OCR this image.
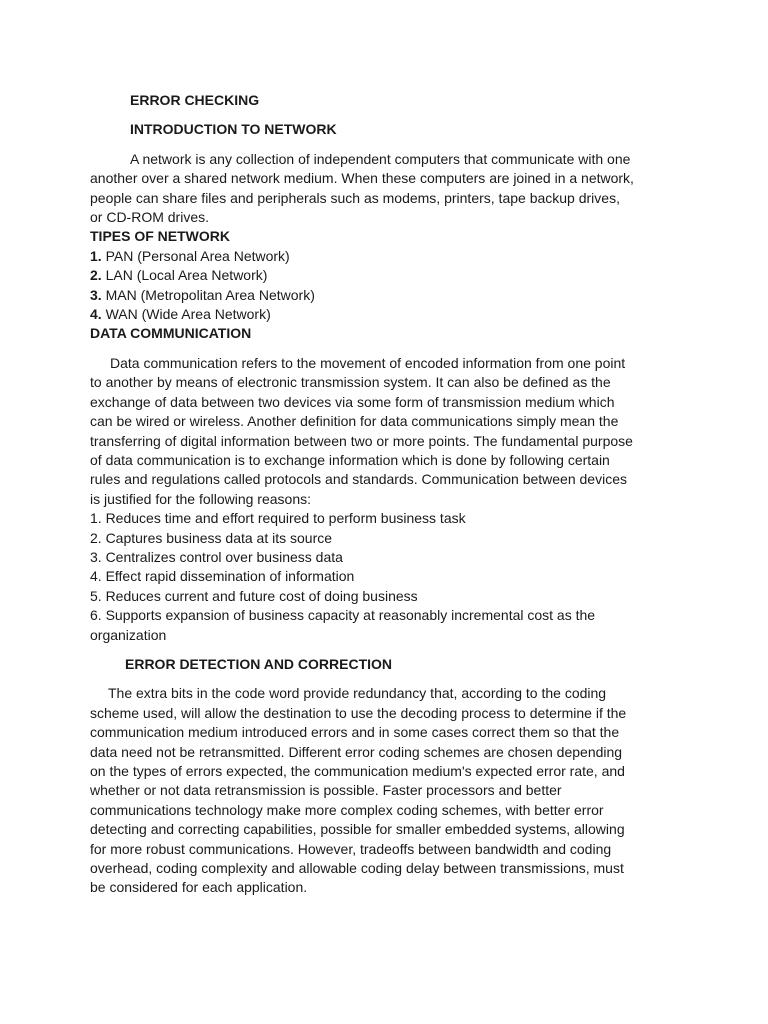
ERROR CHECKING
INTRODUCTION TO NETWORK
A network is any collection of independent computers that communicate with one
another over a shared network medium. When these computers are joined in a network,
people can share files and peripherals such as modems, printers, tape backup drives,
or CD-ROM drives.
TIPES OF NETWORK
1. PAN (Personal Area Network)
2. LAN (Local Area Network)
3. MAN (Metropolitan Area Network)
4. WAN (Wide Area Network)
DATA COMMUNICATION
Data communication refers to the movement of encoded information from one point
to another by means of electronic transmission system. It can also be defined as the
exchange of data between two devices via some form of transmission medium which
can be wired or wireless. Another definition for data communications simply mean the
transferring of digital information between two or more points. The fundamental purpose
of data communication is to exchange information which is done by following certain
rules and regulations called protocols and standards. Communication between devices
is justified for the following reasons:
1. Reduces time and effort required to perform business task
2. Captures business data at its source
3. Centralizes control over business data
4. Effect rapid dissemination of information
5. Reduces current and future cost of doing business
6. Supports expansion of business capacity at reasonably incremental cost as the
organization
ERROR DETECTION AND CORRECTION
The extra bits in the code word provide redundancy that, according to the coding
scheme used, will allow the destination to use the decoding process to determine if the
communication medium introduced errors and in some cases correct them so that the
data need not be retransmitted. Different error coding schemes are chosen depending
on the types of errors expected, the communication medium's expected error rate, and
whether or not data retransmission is possible. Faster processors and better
communications technology make more complex coding schemes, with better error
detecting and correcting capabilities, possible for smaller embedded systems, allowing
for more robust communications. However, tradeoffs between bandwidth and coding
overhead, coding complexity and allowable coding delay between transmissions, must
be considered for each application.
